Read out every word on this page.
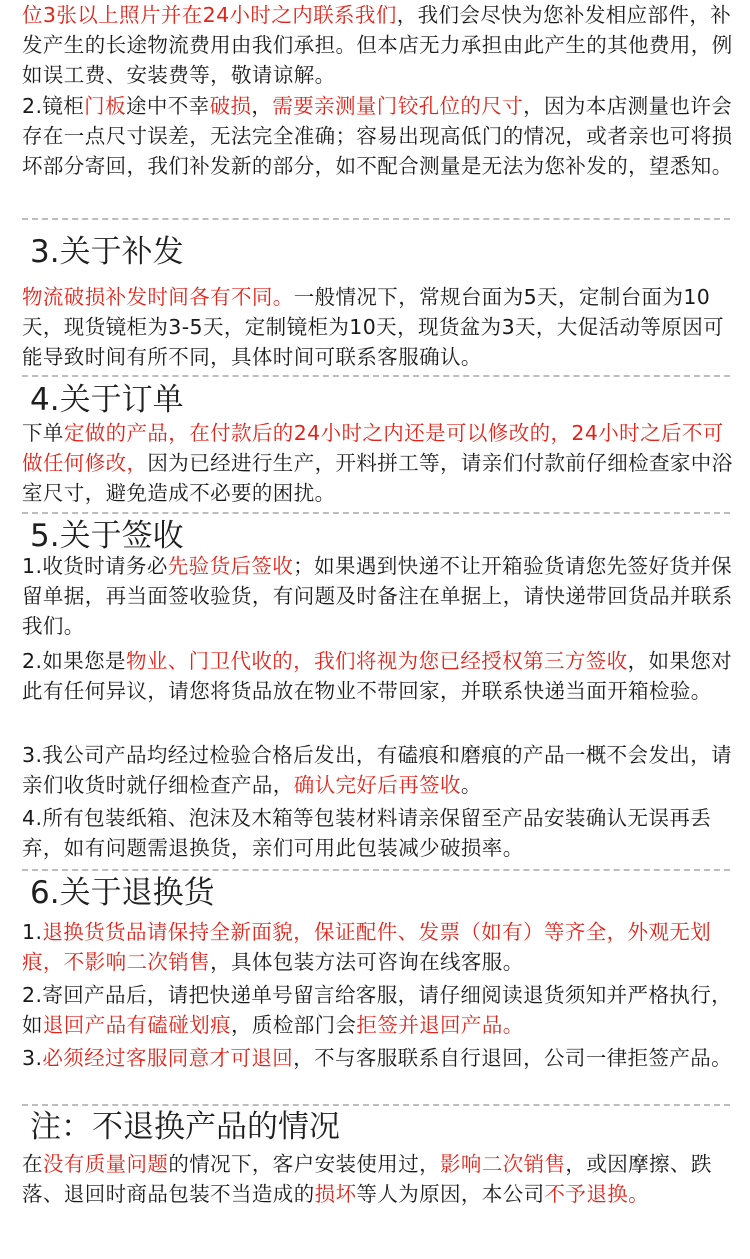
位3张以上照片并在24小时之内联系我们，我们会尽快为您补发相应部件，补发产生的长途物流费用由我们承担。但本店无力承担由此产生的其他费用，例如误工费、安装费等，敬请谅解。

2.镜柜门板途中不幸破损，需要亲测量门铰孔位的尺寸，因为本店测量也许会存在一点尺寸误差，无法完全准确；容易出现高低门的情况，或者亲也可将损坏部分寄回，我们补发新的部分，如不配合测量是无法为您补发的，望悉知。

3.关于补发

物流破损补发时间各有不同。一般情况下，常规台面为5天，定制台面为10天，现货镜柜为3-5天，定制镜柜为10天，现货盆为3天，大促活动等原因可能导致时间有所不同，具体时间可联系客服确认。

4.关于订单

下单定做的产品，在付款后的24小时之内还是可以修改的，24小时之后不可做任何修改，因为已经进行生产，开料拼工等，请亲们付款前仔细检查家中浴室尺寸，避免造成不必要的困扰。

5.关于签收

1.收货时请务必先验货后签收；如果遇到快递不让开箱验货请您先签好货并保留单据，再当面签收验货，有问题及时备注在单据上，请快递带回货品并联系我们。

2.如果您是物业、门卫代收的，我们将视为您已经授权第三方签收，如果您对此有任何异议，请您将货品放在物业不带回家，并联系快递当面开箱检验。

3.我公司产品均经过检验合格后发出，有磕痕和磨痕的产品一概不会发出，请亲们收货时就仔细检查产品，确认完好后再签收。

4.所有包装纸箱、泡沫及木箱等包装材料请亲保留至产品安装确认无误再丢弃，如有问题需退换货，亲们可用此包装减少破损率。

6.关于退换货

1.退换货货品请保持全新面貌，保证配件、发票（如有）等齐全，外观无划痕，不影响二次销售，具体包装方法可咨询在线客服。

2.寄回产品后，请把快递单号留言给客服，请仔细阅读退货须知并严格执行，如退回产品有磕碰划痕，质检部门会拒签并退回产品。

3.必须经过客服同意才可退回，不与客服联系自行退回，公司一律拒签产品。

注：不退换产品的情况

在没有质量问题的情况下，客户安装使用过，影响二次销售，或因摩擦、跌落、退回时商品包装不当造成的损坏等人为原因，本公司不予退换。
